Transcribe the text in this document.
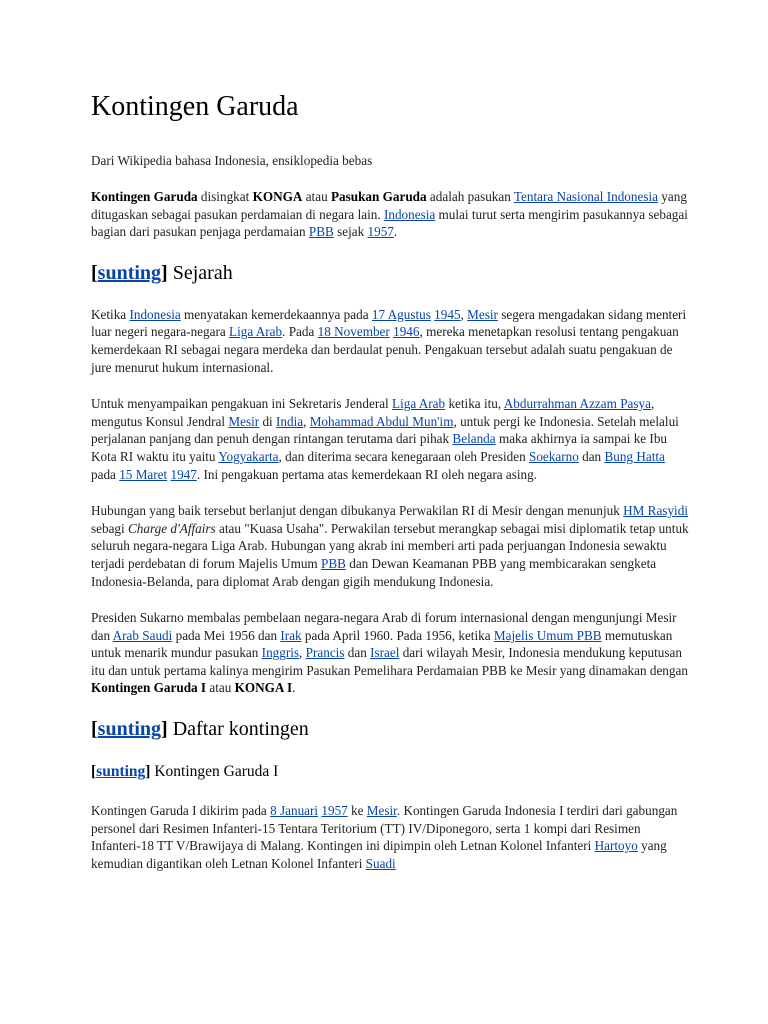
Kontingen Garuda
Dari Wikipedia bahasa Indonesia, ensiklopedia bebas

Kontingen Garuda disingkat KONGA atau Pasukan Garuda adalah pasukan Tentara Nasional Indonesia yang ditugaskan sebagai pasukan perdamaian di negara lain. Indonesia mulai turut serta mengirim pasukannya sebagai bagian dari pasukan penjaga perdamaian PBB sejak 1957.

[sunting] Sejarah

Ketika Indonesia menyatakan kemerdekaannya pada 17 Agustus 1945, Mesir segera mengadakan sidang menteri luar negeri negara-negara Liga Arab. Pada 18 November 1946, mereka menetapkan resolusi tentang pengakuan kemerdekaan RI sebagai negara merdeka dan berdaulat penuh. Pengakuan tersebut adalah suatu pengakuan de jure menurut hukum internasional.

Untuk menyampaikan pengakuan ini Sekretaris Jenderal Liga Arab ketika itu, Abdurrahman Azzam Pasya, mengutus Konsul Jendral Mesir di India, Mohammad Abdul Mun'im, untuk pergi ke Indonesia. Setelah melalui perjalanan panjang dan penuh dengan rintangan terutama dari pihak Belanda maka akhirnya ia sampai ke Ibu Kota RI waktu itu yaitu Yogyakarta, dan diterima secara kenegaraan oleh Presiden Soekarno dan Bung Hatta pada 15 Maret 1947. Ini pengakuan pertama atas kemerdekaan RI oleh negara asing.

Hubungan yang baik tersebut berlanjut dengan dibukanya Perwakilan RI di Mesir dengan menunjuk HM Rasyidi sebagi Charge d'Affairs atau "Kuasa Usaha". Perwakilan tersebut merangkap sebagai misi diplomatik tetap untuk seluruh negara-negara Liga Arab. Hubungan yang akrab ini memberi arti pada perjuangan Indonesia sewaktu terjadi perdebatan di forum Majelis Umum PBB dan Dewan Keamanan PBB yang membicarakan sengketa Indonesia-Belanda, para diplomat Arab dengan gigih mendukung Indonesia.

Presiden Sukarno membalas pembelaan negara-negara Arab di forum internasional dengan mengunjungi Mesir dan Arab Saudi pada Mei 1956 dan Irak pada April 1960. Pada 1956, ketika Majelis Umum PBB memutuskan untuk menarik mundur pasukan Inggris, Prancis dan Israel dari wilayah Mesir, Indonesia mendukung keputusan itu dan untuk pertama kalinya mengirim Pasukan Pemelihara Perdamaian PBB ke Mesir yang dinamakan dengan Kontingen Garuda I atau KONGA I.

[sunting] Daftar kontingen
[sunting] Kontingen Garuda I

Kontingen Garuda I dikirim pada 8 Januari 1957 ke Mesir. Kontingen Garuda Indonesia I terdiri dari gabungan personel dari Resimen Infanteri-15 Tentara Teritorium (TT) IV/Diponegoro, serta 1 kompi dari Resimen Infanteri-18 TT V/Brawijaya di Malang. Kontingen ini dipimpin oleh Letnan Kolonel Infanteri Hartoyo yang kemudian digantikan oleh Letnan Kolonel Infanteri Suadi
